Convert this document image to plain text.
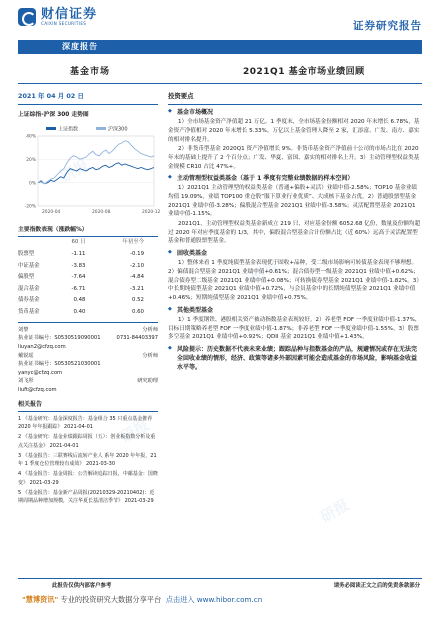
研报
研报
研报
研报
财信证券
CAIXIN SECURITIES	证券研究报告
深度报告
基金市场	2021Q1 基金市场业绩回顾
2021 年 04 月 02 日
上证综指-沪深 300 走势图
40%
20%
0%
-20%
2020-04	2020-08	2020-12
上证指数	沪深300
主要指数表现（涨跌幅%）
	60 日	年初至今
股票型	-1.11	-0.19
中证基金	-3.83	-2.10
偏股型	-7.64	-4.84
混合基金	-6.71	-3.21
债券基金	0.48	0.52
货币基金	0.40	0.60
刘黎	分析师
执业证书编号：S0530519090001	0731-84403397
liuyan2@cfzq.com
戴锐瑶	分析师
执业证书编号：S0530521030001
yanyc@cfzq.com
刘飞彤	研究助理
liuft@cfzq.com
相关报告

1 《基金研究：基金深度报告：基金组合 35 只重点基金推荐 2020 年年报跟踪》 2021-04-01

2 《基金研究：基金业绩跟踪周报（五）：创业板指数分析及重点关注基金》 2021-04-01

3 《基金报告：三联赛线后流转产业人 系年 2020 年年报，21 年 1 季度仓位管理较有成效》 2021-03-30

4 《基金报告：基金周报：公告解读追踪日报，中邮基金：国晓变》 2021-03-29

5 《基金报告：基金新产品周报(20210329-20210402)：近期周期品种增加规模，关注华夏长基清洁季节》 2021-03-29

投资要点
◆ 基金市场概况
1）全市场基金资产净值超 21 万亿。1 季度末，全市场基金份额相对 2020 年末增长 6.78%，基金资产净值相对 2020 年末增长 5.33%。万亿以上基金管理人降至 2 家，汇添富、广发、南方、嘉实的相对排名提升。
2）非货币型基金 2020Q1 资产净值增长 9%。非货币基金资产净值前十公司的市场占比在 2020 年末的基础上提升了 2 个百分点；广发、华夏、富国、嘉实的相对排名上升。3）主动管理型权益类基金规模 CR10 占比 47%+。
◆ 主动管理型权益类基金（基于 1 季度有完整业绩数据的样本空间）
1）2021Q1 主动管理型的权益类基金（普通+偏股+灵活）业绩中值-2.58%；TOP10 基金业绩均值 19.09%，业绩 TOP100 重仓股“服下算业行业优质”、大成核下基金占优。2）普通股票型基金 2021Q1 业绩中值-3.28%；偏股混合型基金 2021Q1 业绩中值-3.58%；灵活配置型基金 2021Q1 业绩中值-1.15%。
2021Q1，主动管理型权益类基金新成立 219 只，对应基金份额 6052.68 亿份，数量及份额均超过 2020 年对应季度基金的 1/3，其中，偏股混合型基金合计份额占比（近 60%）远高于灵活配置型基金和普通股票型基金。
◆ 固收类基金
1）整体来看 1 季度纯债型基金表现优于固收+品种，受二级市场影响可转债基金表现不够理想。2）偏债混合型基金 2021Q1 业绩中值+0.61%；混合债券型一级基金 2021Q1 业绩中值+0.62%；混合债券型二级基金 2021Q1 业绩中值+0.08%；可转换债券型基金 2021Q1 业绩中值-1.82%。3）中长期纯债型基金 2021Q1 业绩中值+0.72%，与会员基金中的长期纯债型基金 2021Q1 业绩中值+0.46%；短期纯债型基金 2021Q1 业绩中值+0.75%。
◆ 其他类型基金
1）1 季度钢铁、港股相关资产被动指数基金表现较好。2）养老型 FOF 一季度业绩中值-1.37%，目标日期策略养老型 FOF 一季度业绩中值-1.87%；非养老型 FOF 一季度业绩中值-1.55%。3）股票多空基金 2021Q1 业绩中值+0.92%；QDII 基金 2021Q1 业绩中值+1.43%。
◆ 风险提示：历史数据不代表未来业绩；跟踪品种与指数基金的产品，规避情况或存在无法完全回收业绩的情形，经济、政策等诸多外部因素可能会造成基金的市场风险，影响基金收益水平等。
此报告仅供内部客户参考	请务必阅读正文之后的免责条款部分
"慧博资讯" 专业的投资研究大数据分享平台 点击进入 www.hibor.com.cn
